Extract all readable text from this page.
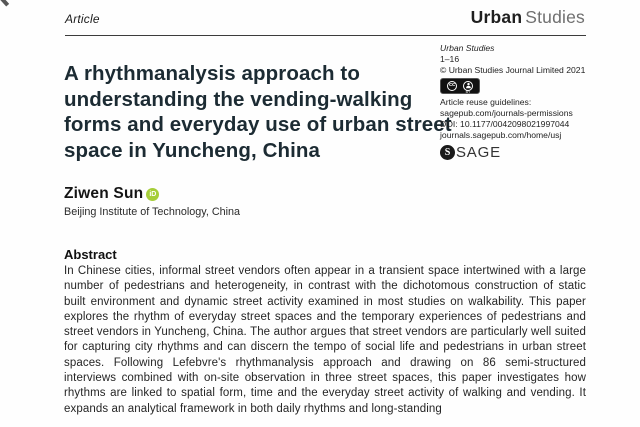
Article	Urban Studies
A rhythmanalysis approach to understanding the vending-walking forms and everyday use of urban street space in Yuncheng, China
Urban Studies
1–16
© Urban Studies Journal Limited 2021
cc
BY
Article reuse guidelines:
sagepub.com/journals-permissions
DOI: 10.1177/0042098021997044
journals.sagepub.com/home/usj
S SAGE
Ziwen Sun iD
Beijing Institute of Technology, China
Abstract
In Chinese cities, informal street vendors often appear in a transient space intertwined with a large number of pedestrians and heterogeneity, in contrast with the dichotomous construction of static built environment and dynamic street activity examined in most studies on walkability. This paper explores the rhythm of everyday street spaces and the temporary experiences of pedestrians and street vendors in Yuncheng, China. The author argues that street vendors are particularly well suited for capturing city rhythms and can discern the tempo of social life and pedestrians in urban street spaces. Following Lefebvre's rhythmanalysis approach and drawing on 86 semi-structured interviews combined with on-site observation in three street spaces, this paper investigates how rhythms are linked to spatial form, time and the everyday street activity of walking and vending. It expands an analytical framework in both daily rhythms and long-standing
